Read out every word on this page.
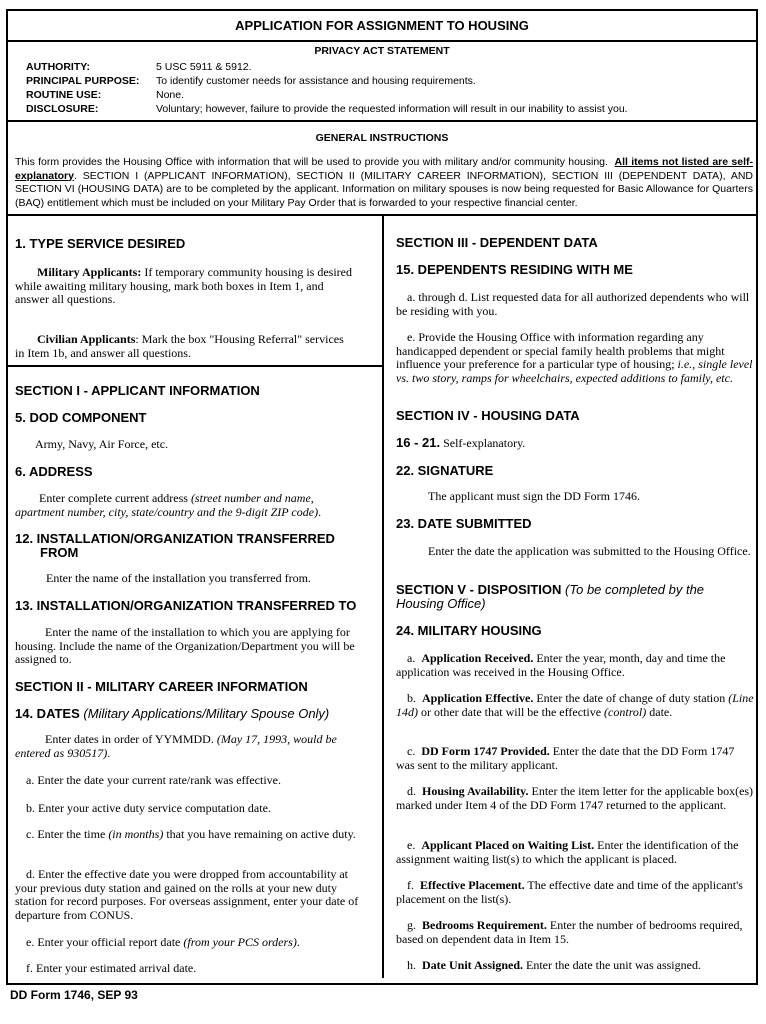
APPLICATION FOR ASSIGNMENT TO HOUSING
PRIVACY ACT STATEMENT
AUTHORITY:	5 USC 5911 & 5912.
PRINCIPAL PURPOSE:	To identify customer needs for assistance and housing requirements.
ROUTINE USE:	None.
DISCLOSURE:	Voluntary; however, failure to provide the requested information will result in our inability to assist you.
GENERAL INSTRUCTIONS

This form provides the Housing Office with information that will be used to provide you with military and/or community housing. All items not listed are self-explanatory. SECTION I (APPLICANT INFORMATION), SECTION II (MILITARY CAREER INFORMATION), SECTION III (DEPENDENT DATA), AND SECTION VI (HOUSING DATA) are to be completed by the applicant. Information on military spouses is now being requested for Basic Allowance for Quarters (BAQ) entitlement which must be included on your Military Pay Order that is forwarded to your respective financial center.

1. TYPE SERVICE DESIRED
Military Applicants: If temporary community housing is desired while awaiting military housing, mark both boxes in Item 1, and answer all questions.
Civilian Applicants: Mark the box "Housing Referral" services in Item 1b, and answer all questions.
SECTION I - APPLICANT INFORMATION
5. DOD COMPONENT
Army, Navy, Air Force, etc.
6. ADDRESS
Enter complete current address (street number and name, apartment number, city, state/country and the 9-digit ZIP code).
12. INSTALLATION/ORGANIZATION TRANSFERRED
FROM
Enter the name of the installation you transferred from.
13. INSTALLATION/ORGANIZATION TRANSFERRED TO
Enter the name of the installation to which you are applying for housing. Include the name of the Organization/Department you will be assigned to.
SECTION II - MILITARY CAREER INFORMATION
14. DATES (Military Applications/Military Spouse Only)
Enter dates in order of YYMMDD. (May 17, 1993, would be entered as 930517).
a. Enter the date your current rate/rank was effective.
b. Enter your active duty service computation date.
c. Enter the time (in months) that you have remaining on active duty.
d. Enter the effective date you were dropped from accountability at your previous duty station and gained on the rolls at your new duty station for record purposes. For overseas assignment, enter your date of departure from CONUS.
e. Enter your official report date (from your PCS orders).
f. Enter your estimated arrival date.
SECTION III - DEPENDENT DATA
15. DEPENDENTS RESIDING WITH ME
a. through d. List requested data for all authorized dependents who will be residing with you.
e. Provide the Housing Office with information regarding any handicapped dependent or special family health problems that might influence your preference for a particular type of housing; i.e., single level vs. two story, ramps for wheelchairs, expected additions to family, etc.
SECTION IV - HOUSING DATA
16 - 21. Self-explanatory.
22. SIGNATURE
The applicant must sign the DD Form 1746.
23. DATE SUBMITTED
Enter the date the application was submitted to the Housing Office.
SECTION V - DISPOSITION (To be completed by the Housing Office)
24. MILITARY HOUSING
a.  Application Received. Enter the year, month, day and time the application was received in the Housing Office.
b.  Application Effective. Enter the date of change of duty station (Line 14d) or other date that will be the effective (control) date.
c.  DD Form 1747 Provided. Enter the date that the DD Form 1747 was sent to the military applicant.
d.  Housing Availability. Enter the item letter for the applicable box(es) marked under Item 4 of the DD Form 1747 returned to the applicant.
e.  Applicant Placed on Waiting List. Enter the identification of the assignment waiting list(s) to which the applicant is placed.
f.  Effective Placement. The effective date and time of the applicant's placement on the list(s).
g.  Bedrooms Requirement. Enter the number of bedrooms required, based on dependent data in Item 15.
h.  Date Unit Assigned. Enter the date the unit was assigned.
DD Form 1746, SEP 93
